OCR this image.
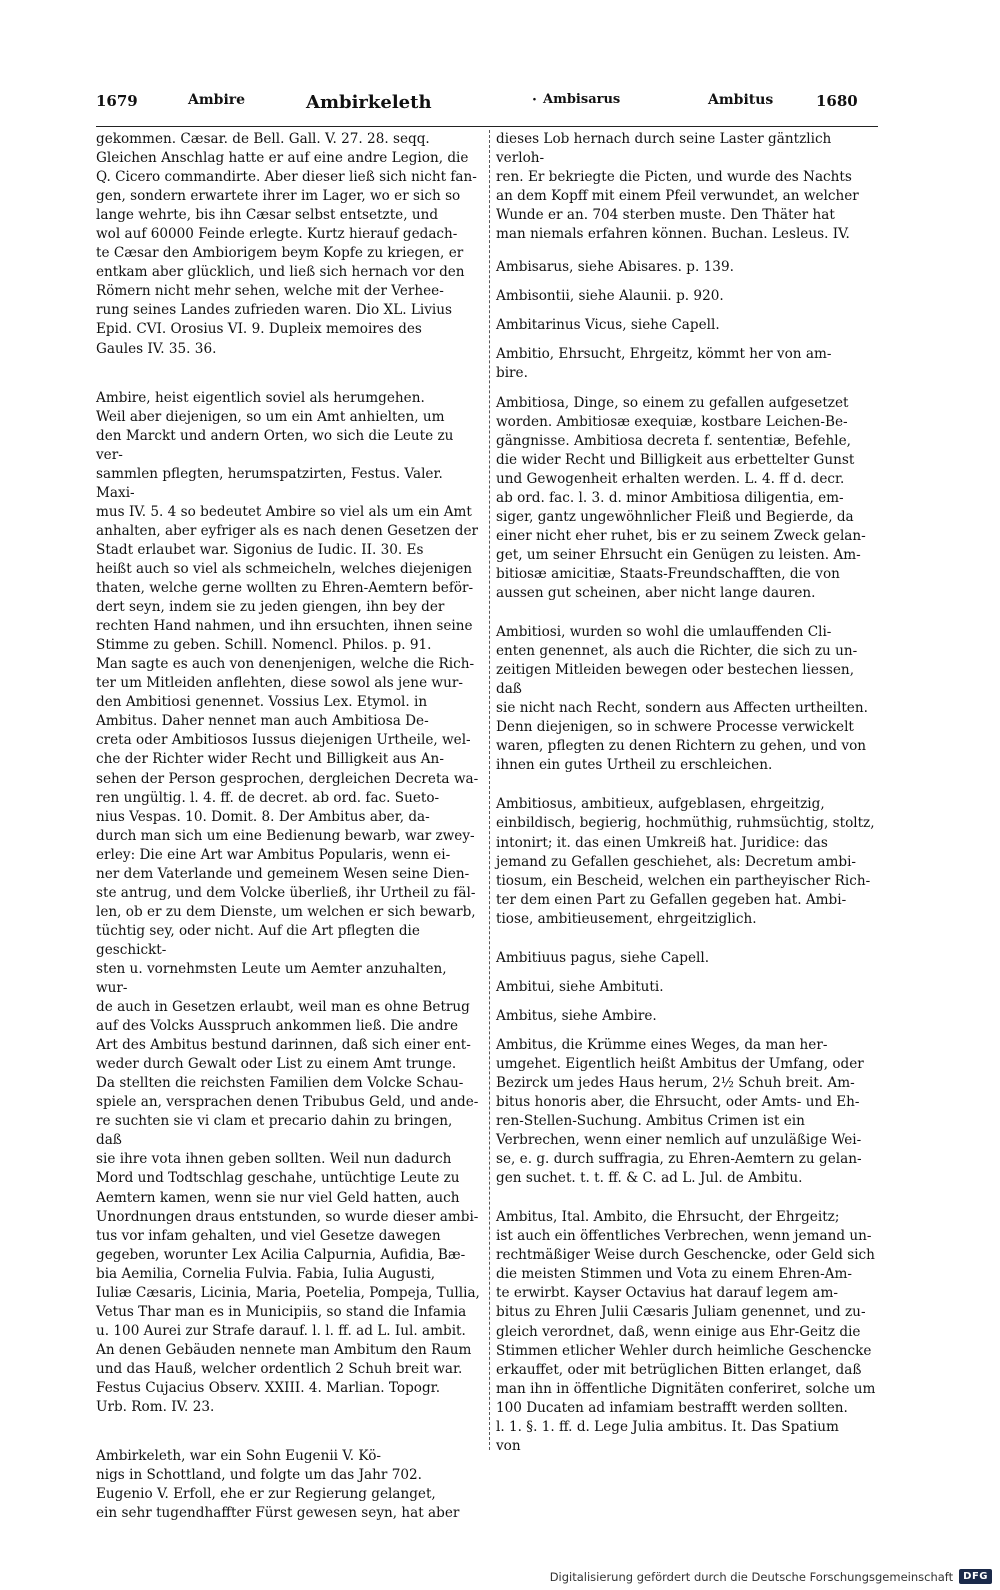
1679	Ambire	Ambirkeleth	· Ambisarus	Ambitus	1680

gekommen. Cæsar. de Bell. Gall. V. 27. 28. seqq.
Gleichen Anschlag hatte er auf eine andre Legion, die
Q. Cicero commandirte. Aber dieser ließ sich nicht fan-
gen, sondern erwartete ihrer im Lager, wo er sich so
lange wehrte, bis ihn Cæsar selbst entsetzte, und
wol auf 60000 Feinde erlegte. Kurtz hierauf gedach-
te Cæsar den Ambiorigem beym Kopfe zu kriegen, er
entkam aber glücklich, und ließ sich hernach vor den
Römern nicht mehr sehen, welche mit der Verhee-
rung seines Landes zufrieden waren. Dio XL. Livius
Epid. CVI. Orosius VI. 9. Dupleix memoires des
Gaules IV. 35. 36.

Ambire, heist eigentlich soviel als herumgehen.
Weil aber diejenigen, so um ein Amt anhielten, um
den Marckt und andern Orten, wo sich die Leute zu ver-
sammlen pflegten, herumspatzirten, Festus. Valer. Maxi-
mus IV. 5. 4 so bedeutet Ambire so viel als um ein Amt
anhalten, aber eyfriger als es nach denen Gesetzen der
Stadt erlaubet war. Sigonius de Iudic. II. 30. Es
heißt auch so viel als schmeicheln, welches diejenigen
thaten, welche gerne wollten zu Ehren-Aemtern beför-
dert seyn, indem sie zu jeden giengen, ihn bey der
rechten Hand nahmen, und ihn ersuchten, ihnen seine
Stimme zu geben. Schill. Nomencl. Philos. p. 91.
Man sagte es auch von denenjenigen, welche die Rich-
ter um Mitleiden anflehten, diese sowol als jene wur-
den Ambitiosi genennet. Vossius Lex. Etymol. in
Ambitus. Daher nennet man auch Ambitiosa De-
creta oder Ambitiosos Iussus diejenigen Urtheile, wel-
che der Richter wider Recht und Billigkeit aus An-
sehen der Person gesprochen, dergleichen Decreta wa-
ren ungültig. l. 4. ff. de decret. ab ord. fac. Sueto-
nius Vespas. 10. Domit. 8. Der Ambitus aber, da-
durch man sich um eine Bedienung bewarb, war zwey-
erley: Die eine Art war Ambitus Popularis, wenn ei-
ner dem Vaterlande und gemeinem Wesen seine Dien-
ste antrug, und dem Volcke überließ, ihr Urtheil zu fäl-
len, ob er zu dem Dienste, um welchen er sich bewarb,
tüchtig sey, oder nicht. Auf die Art pflegten die geschickt-
sten u. vornehmsten Leute um Aemter anzuhalten, wur-
de auch in Gesetzen erlaubt, weil man es ohne Betrug
auf des Volcks Ausspruch ankommen ließ. Die andre
Art des Ambitus bestund darinnen, daß sich einer ent-
weder durch Gewalt oder List zu einem Amt trunge.
Da stellten die reichsten Familien dem Volcke Schau-
spiele an, versprachen denen Tribubus Geld, und ande-
re suchten sie vi clam et precario dahin zu bringen, daß
sie ihre vota ihnen geben sollten. Weil nun dadurch
Mord und Todtschlag geschahe, untüchtige Leute zu
Aemtern kamen, wenn sie nur viel Geld hatten, auch
Unordnungen draus entstunden, so wurde dieser ambi-
tus vor infam gehalten, und viel Gesetze dawegen
gegeben, worunter Lex Acilia Calpurnia, Aufidia, Bæ-
bia Aemilia, Cornelia Fulvia. Fabia, Iulia Augusti,
Iuliæ Cæsaris, Licinia, Maria, Poetelia, Pompeja, Tullia,
Vetus Thar man es in Municipiis, so stand die Infamia
u. 100 Aurei zur Strafe darauf. l. l. ff. ad L. Iul. ambit.
An denen Gebäuden nennete man Ambitum den Raum
und das Hauß, welcher ordentlich 2 Schuh breit war.
Festus Cujacius Observ. XXIII. 4. Marlian. Topogr.
Urb. Rom. IV. 23.

Ambirkeleth, war ein Sohn Eugenii V. Kö-
nigs in Schottland, und folgte um das Jahr 702.
Eugenio V. Erfoll, ehe er zur Regierung gelanget,
ein sehr tugendhaffter Fürst gewesen seyn, hat aber

dieses Lob hernach durch seine Laster gäntzlich verloh-
ren. Er bekriegte die Picten, und wurde des Nachts
an dem Kopff mit einem Pfeil verwundet, an welcher
Wunde er an. 704 sterben muste. Den Thäter hat
man niemals erfahren können. Buchan. Lesleus. IV.

Ambisarus, siehe Abisares. p. 139.

Ambisontii, siehe Alaunii. p. 920.

Ambitarinus Vicus, siehe Capell.

Ambitio, Ehrsucht, Ehrgeitz, kömmt her von am-
bire.

Ambitiosa, Dinge, so einem zu gefallen aufgesetzet
worden. Ambitiosæ exequiæ, kostbare Leichen-Be-
gängnisse. Ambitiosa decreta f. sententiæ, Befehle,
die wider Recht und Billigkeit aus erbettelter Gunst
und Gewogenheit erhalten werden. L. 4. ff d. decr.
ab ord. fac. l. 3. d. minor Ambitiosa diligentia, em-
siger, gantz ungewöhnlicher Fleiß und Begierde, da
einer nicht eher ruhet, bis er zu seinem Zweck gelan-
get, um seiner Ehrsucht ein Genügen zu leisten. Am-
bitiosæ amicitiæ, Staats-Freundschafften, die von
aussen gut scheinen, aber nicht lange dauren.

Ambitiosi, wurden so wohl die umlauffenden Cli-
enten genennet, als auch die Richter, die sich zu un-
zeitigen Mitleiden bewegen oder bestechen liessen, daß
sie nicht nach Recht, sondern aus Affecten urtheilten.
Denn diejenigen, so in schwere Processe verwickelt
waren, pflegten zu denen Richtern zu gehen, und von
ihnen ein gutes Urtheil zu erschleichen.

Ambitiosus, ambitieux, aufgeblasen, ehrgeitzig,
einbildisch, begierig, hochmüthig, ruhmsüchtig, stoltz,
intonirt; it. das einen Umkreiß hat. Juridice: das
jemand zu Gefallen geschiehet, als: Decretum ambi-
tiosum, ein Bescheid, welchen ein partheyischer Rich-
ter dem einen Part zu Gefallen gegeben hat. Ambi-
tiose, ambitieusement, ehrgeitziglich.

Ambitiuus pagus, siehe Capell.

Ambitui, siehe Ambituti.

Ambitus, siehe Ambire.

Ambitus, die Krümme eines Weges, da man her-
umgehet. Eigentlich heißt Ambitus der Umfang, oder
Bezirck um jedes Haus herum, 2½ Schuh breit. Am-
bitus honoris aber, die Ehrsucht, oder Amts- und Eh-
ren-Stellen-Suchung. Ambitus Crimen ist ein
Verbrechen, wenn einer nemlich auf unzuläßige Wei-
se, e. g. durch suffragia, zu Ehren-Aemtern zu gelan-
gen suchet. t. t. ff. & C. ad L. Jul. de Ambitu.

Ambitus, Ital. Ambito, die Ehrsucht, der Ehrgeitz;
ist auch ein öffentliches Verbrechen, wenn jemand un-
rechtmäßiger Weise durch Geschencke, oder Geld sich
die meisten Stimmen und Vota zu einem Ehren-Am-
te erwirbt. Kayser Octavius hat darauf legem am-
bitus zu Ehren Julii Cæsaris Juliam genennet, und zu-
gleich verordnet, daß, wenn einige aus Ehr-Geitz die
Stimmen etlicher Wehler durch heimliche Geschencke
erkauffet, oder mit betrüglichen Bitten erlanget, daß
man ihn in öffentliche Dignitäten conferiret, solche um
100 Ducaten ad infamiam bestrafft werden sollten.
l. 1. §. 1. ff. d. Lege Julia ambitus. It. Das Spatium
von

Digitalisierung gefördert durch die Deutsche Forschungsgemeinschaft	DFG
